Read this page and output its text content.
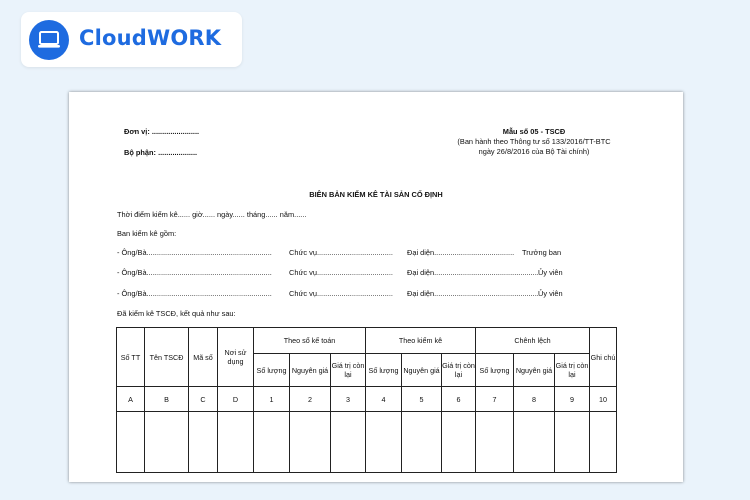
CloudWORK
Đơn vị: .......................
Bộ phận: ...................
Mẫu số 05 - TSCĐ
(Ban hành theo Thông tư số 133/2016/TT-BTC
ngày 26/8/2016 của Bộ Tài chính)
BIÊN BẢN KIỂM KÊ TÀI SẢN CỐ ĐỊNH
Thời điểm kiểm kê...... giờ...... ngày...... tháng...... năm......
Ban kiểm kê gồm:
- Ông/Bà............................................................. Chức vụ..................................... Đại diện....................................... Trưởng ban
- Ông/Bà............................................................. Chức vụ..................................... Đại diện................................................... Ủy viên
- Ông/Bà............................................................. Chức vụ..................................... Đại diện................................................... Ủy viên
Đã kiểm kê TSCĐ, kết quả như sau:
Số TT	Tên TSCĐ	Mã số	Nơi sử dụng	Theo sổ kế toán			Theo kiểm kê			Chênh lệch			Ghi chú
				Số lượng	Nguyên giá	Giá trị còn lại	Số lượng	Nguyên giá	Giá trị còn lại	Số lượng	Nguyên giá	Giá trị còn lại	
A	B	C	D	1	2	3	4	5	6	7	8	9	10
